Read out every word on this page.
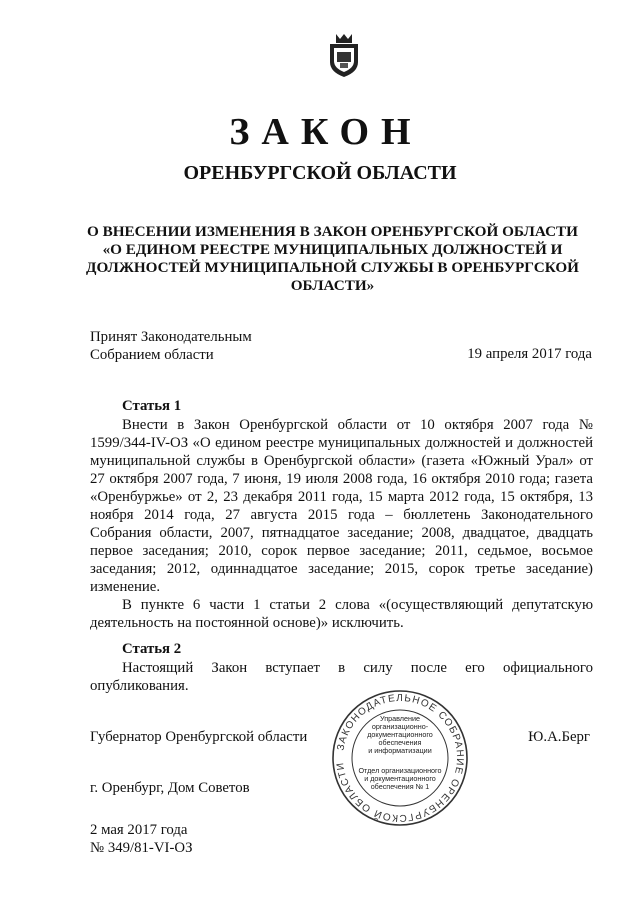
ЗАКОН
ОРЕНБУРГСКОЙ ОБЛАСТИ
О ВНЕСЕНИИ ИЗМЕНЕНИЯ В ЗАКОН ОРЕНБУРГСКОЙ ОБЛАСТИ
«О ЕДИНОМ РЕЕСТРЕ МУНИЦИПАЛЬНЫХ ДОЛЖНОСТЕЙ И
ДОЛЖНОСТЕЙ МУНИЦИПАЛЬНОЙ СЛУЖБЫ В ОРЕНБУРГСКОЙ
ОБЛАСТИ»
Принят Законодательным
Собранием области	19 апреля 2017 года
Статья 1

Внести в Закон Оренбургской области от 10 октября 2007 года № 1599/344-IV-ОЗ «О едином реестре муниципальных должностей и должностей муниципальной службы в Оренбургской области» (газета «Южный Урал» от 27 октября 2007 года, 7 июня, 19 июля 2008 года, 16 октября 2010 года; газета «Оренбуржье» от 2, 23 декабря 2011 года, 15 марта 2012 года, 15 октября, 13 ноября 2014 года, 27 августа 2015 года – бюллетень Законодательного Собрания области, 2007, пятнадцатое заседание; 2008, двадцатое, двадцать первое заседания; 2010, сорок первое заседание; 2011, седьмое, восьмое заседания; 2012, одиннадцатое заседание; 2015, сорок третье заседание) изменение.

В пункте 6 части 1 статьи 2 слова «(осуществляющий депутатскую деятельность на постоянной основе)» исключить.

Статья 2

Настоящий Закон вступает в силу после его официального опубликования.

ЗАКОНОДАТЕЛЬНОЕ СОБРАНИЕ ОРЕНБУРГСКОЙ ОБЛАСТИ
Управление
организационно-
документационного
обеспечения
и информатизации
Отдел организационного
и документационного
обеспечения № 1
Губернатор Оренбургской области	Ю.А.Берг
г. Оренбург, Дом Советов
2 мая 2017 года
№ 349/81-VI-ОЗ
